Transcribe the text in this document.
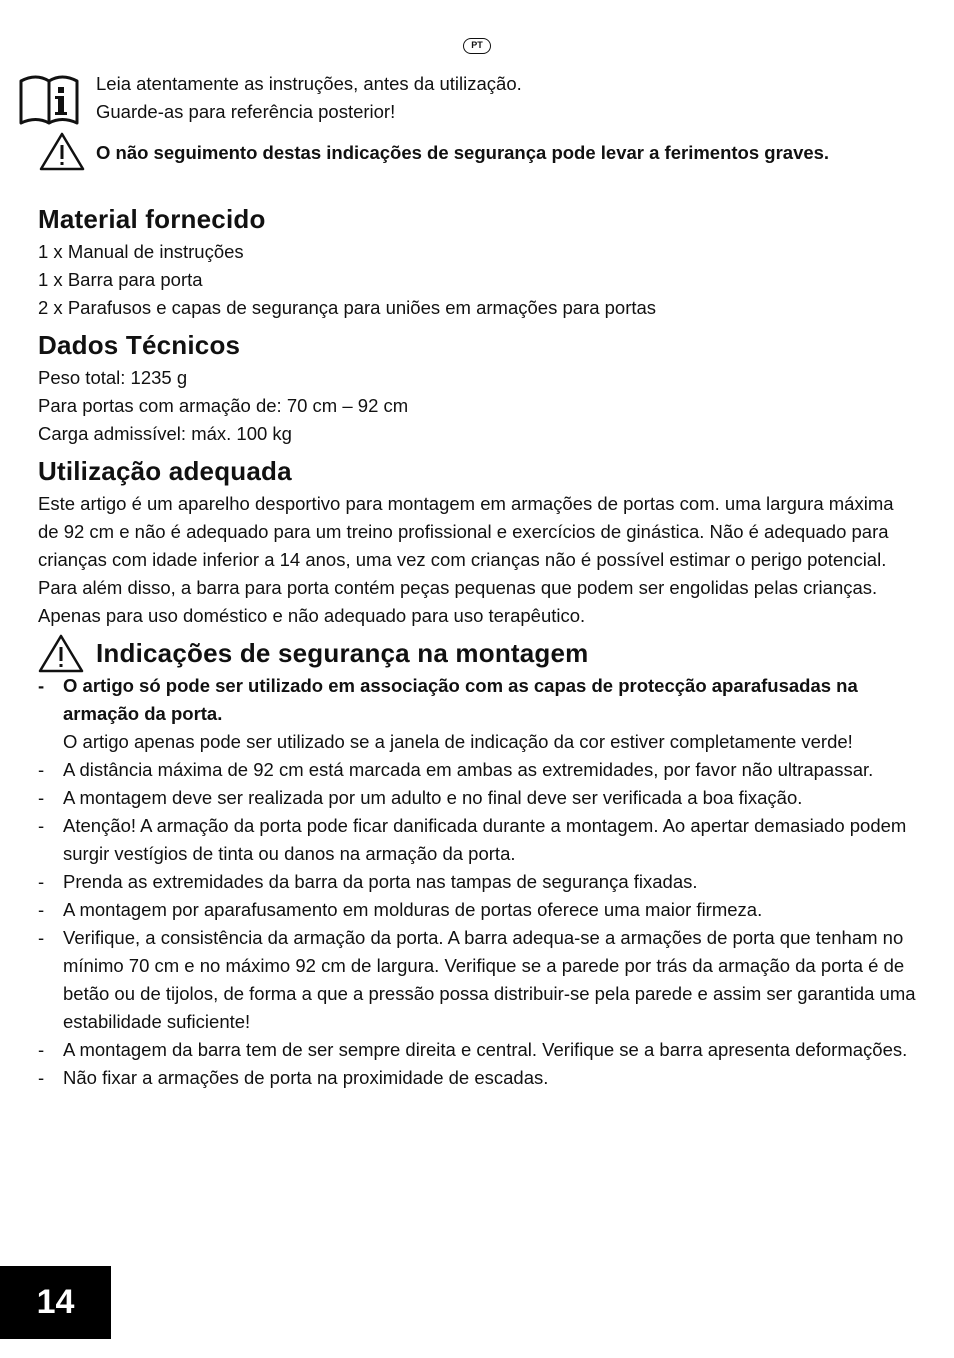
PT
Leia atentamente as instruções, antes da utilização.
Guarde-as para referência posterior!
O não seguimento destas indicações de segurança pode levar a ferimentos graves.
Material fornecido

1 x Manual de instruções

1 x Barra para porta

2 x Parafusos e capas de segurança para uniões em armações para portas

Dados Técnicos

Peso total: 1235 g

Para portas com armação de: 70 cm – 92 cm

Carga admissível: máx. 100 kg

Utilização adequada

Este artigo é um aparelho desportivo para montagem em armações de portas com. uma largura máxima de 92 cm e não é adequado para um treino profissional e exercícios de ginástica. Não é adequado para crianças com idade inferior a 14 anos, uma vez com crianças não é possível estimar o perigo potencial. Para além disso, a barra para porta contém peças pequenas que podem ser engolidas pelas crianças. Apenas para uso doméstico e não adequado para uso terapêutico.

Indicações de segurança na montagem
- O artigo só pode ser utilizado em associação com as capas de protecção aparafusadas na armação da porta.
O artigo apenas pode ser utilizado se a janela de indicação da cor estiver completamente verde!
- A distância máxima de 92 cm está marcada em ambas as extremidades, por favor não ultrapassar.
- A montagem deve ser realizada por um adulto e no final deve ser verificada a boa fixação.
- Atenção! A armação da porta pode ficar danificada durante a montagem. Ao apertar demasiado podem surgir vestígios de tinta ou danos na armação da porta.
- Prenda as extremidades da barra da porta nas tampas de segurança fixadas.
- A montagem por aparafusamento em molduras de portas oferece uma maior firmeza.
- Verifique, a consistência da armação da porta. A barra adequa-se a armações de porta que tenham no mínimo 70 cm e no máximo 92 cm de largura. Verifique se a parede por trás da armação da porta é de betão ou de tijolos, de forma a que a pressão possa distribuir-se pela parede e assim ser garantida uma estabilidade suficiente!
- A montagem da barra tem de ser sempre direita e central. Verifique se a barra apresenta deformações.
- Não fixar a armações de porta na proximidade de escadas.
14
